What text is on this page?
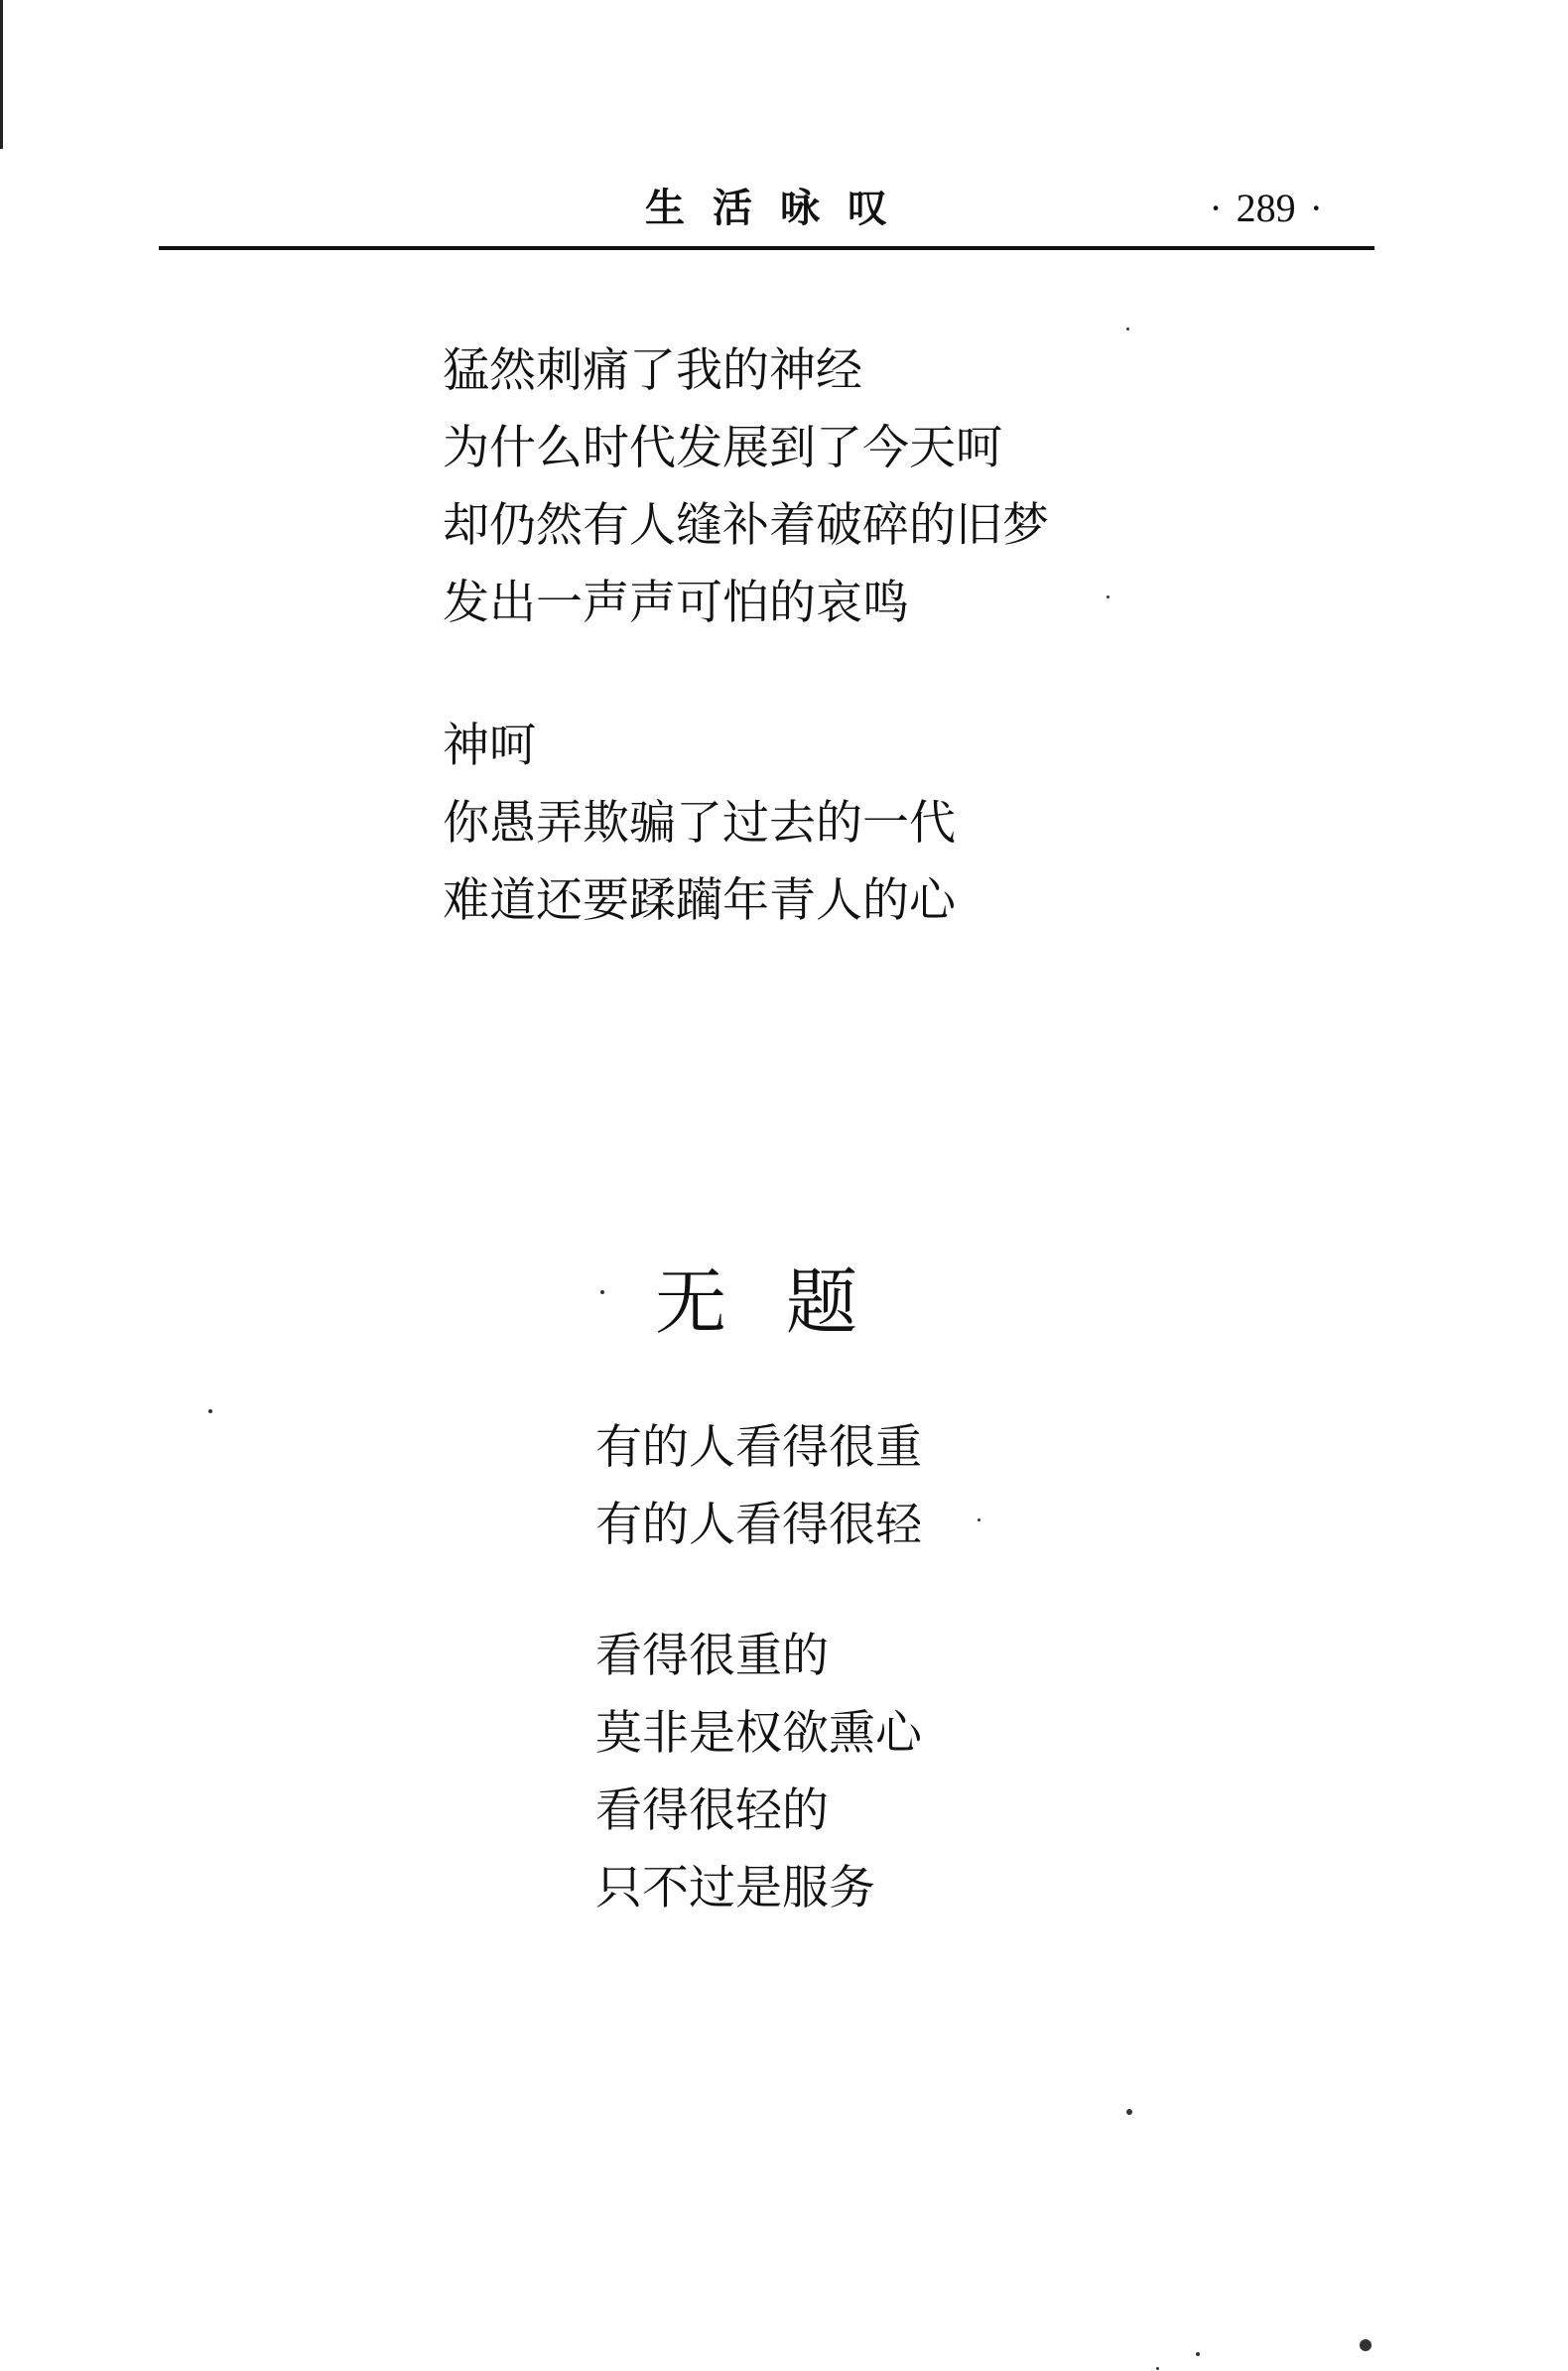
生活咏叹	· 289 ·
猛然刺痛了我的神经
为什么时代发展到了今天呵
却仍然有人缝补着破碎的旧梦
发出一声声可怕的哀鸣
神呵
你愚弄欺骗了过去的一代
难道还要蹂躏年青人的心
无题
有的人看得很重
有的人看得很轻
看得很重的
莫非是权欲熏心
看得很轻的
只不过是服务
